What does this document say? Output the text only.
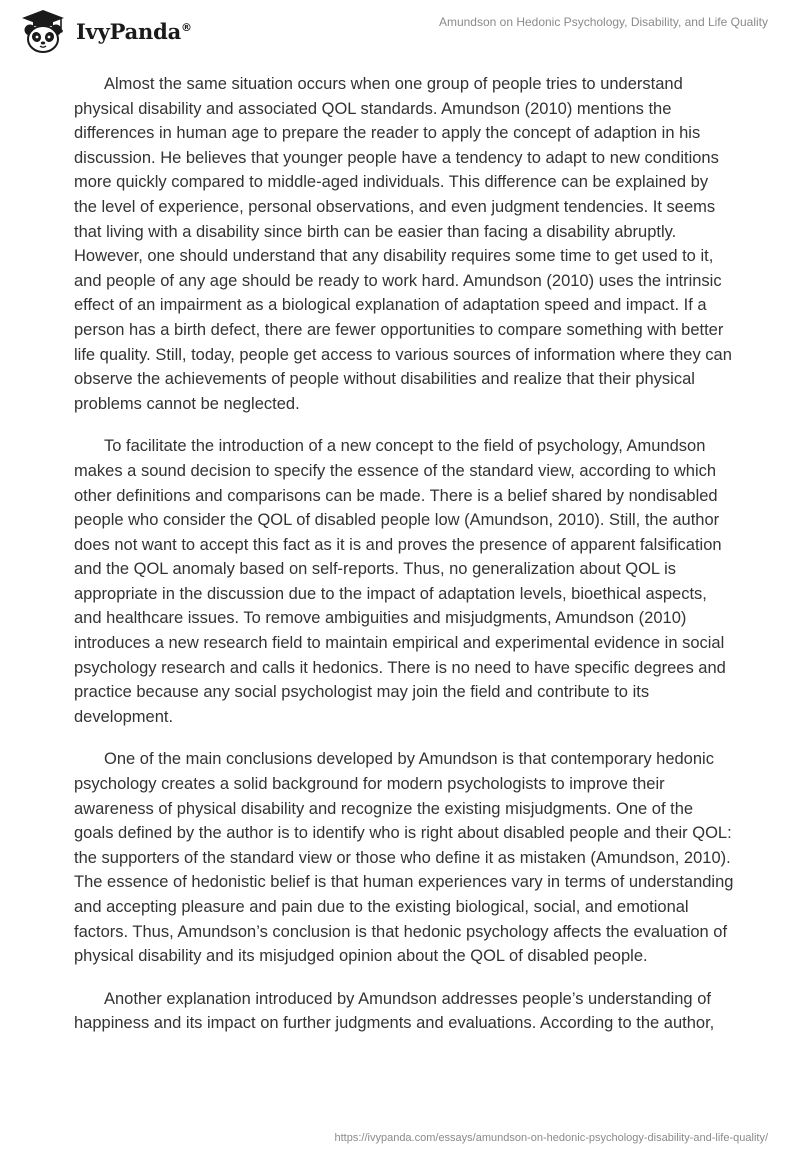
IvyPanda®	Amundson on Hedonic Psychology, Disability, and Life Quality

Almost the same situation occurs when one group of people tries to understand physical disability and associated QOL standards. Amundson (2010) mentions the differences in human age to prepare the reader to apply the concept of adaption in his discussion. He believes that younger people have a tendency to adapt to new conditions more quickly compared to middle-aged individuals. This difference can be explained by the level of experience, personal observations, and even judgment tendencies. It seems that living with a disability since birth can be easier than facing a disability abruptly. However, one should understand that any disability requires some time to get used to it, and people of any age should be ready to work hard. Amundson (2010) uses the intrinsic effect of an impairment as a biological explanation of adaptation speed and impact. If a person has a birth defect, there are fewer opportunities to compare something with better life quality. Still, today, people get access to various sources of information where they can observe the achievements of people without disabilities and realize that their physical problems cannot be neglected.

To facilitate the introduction of a new concept to the field of psychology, Amundson makes a sound decision to specify the essence of the standard view, according to which other definitions and comparisons can be made. There is a belief shared by nondisabled people who consider the QOL of disabled people low (Amundson, 2010). Still, the author does not want to accept this fact as it is and proves the presence of apparent falsification and the QOL anomaly based on self-reports. Thus, no generalization about QOL is appropriate in the discussion due to the impact of adaptation levels, bioethical aspects, and healthcare issues. To remove ambiguities and misjudgments, Amundson (2010) introduces a new research field to maintain empirical and experimental evidence in social psychology research and calls it hedonics. There is no need to have specific degrees and practice because any social psychologist may join the field and contribute to its development.

One of the main conclusions developed by Amundson is that contemporary hedonic psychology creates a solid background for modern psychologists to improve their awareness of physical disability and recognize the existing misjudgments. One of the goals defined by the author is to identify who is right about disabled people and their QOL: the supporters of the standard view or those who define it as mistaken (Amundson, 2010). The essence of hedonistic belief is that human experiences vary in terms of understanding and accepting pleasure and pain due to the existing biological, social, and emotional factors. Thus, Amundson’s conclusion is that hedonic psychology affects the evaluation of physical disability and its misjudged opinion about the QOL of disabled people.

Another explanation introduced by Amundson addresses people’s understanding of happiness and its impact on further judgments and evaluations. According to the author,

https://ivypanda.com/essays/amundson-on-hedonic-psychology-disability-and-life-quality/
